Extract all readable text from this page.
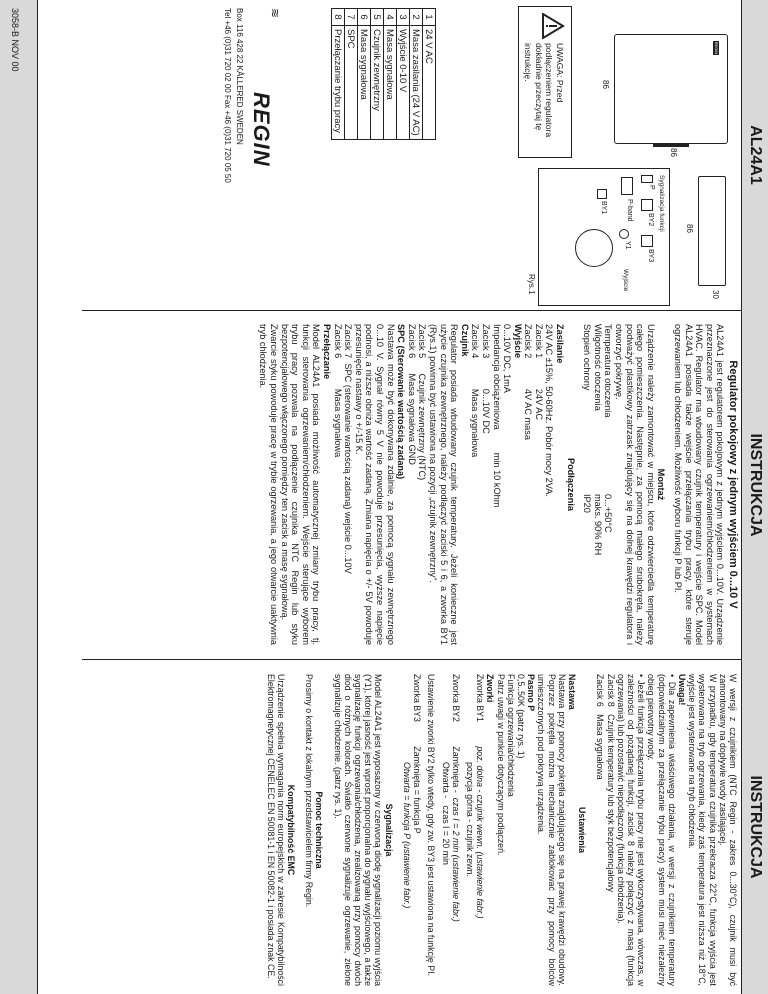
AL24A1
INSTRUKCJA
INSTRUKCJA
REGIN
86
86
86
30
Sygnalizacja funkcji
P
BY2
BY3
P-band
Y1
BY1
Wyjście
Rys.1
UWAGA: Przed podłączeniem regulatora dokładnie przeczytaj tę instrukcję.
1	24 V AC
2	Masa zasilania (24 V AC)
3	Wyjście 0-10 V
4	Masa sygnałowa
5	Czujnik zewnętrzny
6	Masa sygnałowa
7	SPC
8	Przełączanie trybu pracy
REGIN
≋
Box 116 428 22 KÅLLERED SWEDEN
Tel +46 (0)31 720 02 00 Fax +46 (0)31 720 05 50
3058-B NOV 00

Regulator pokojowy z jednym wyjściem 0...10 V

AL24A1 jest regulatorem pokojowym z jednym wyjściem 0...10V. Urządzenie przeznaczone jest do sterowania ogrzewaniem/chłodzeniem w systemach HVAC. Regulator ma wbudowany czujnik temperatury i wejście SPC. Model AL24A1 posiada także wejście przełączania trybu pracy, które steruje ogrzewaniem lub chłodzeniem. Możliwość wyboru funkcji P lub PI.

Montaż

Urządzenie należy zamontować w miejscu, które odzwierciedla temperaturę całego pomieszczenia. Następnie, za pomocą małego śrubokręta, należy podważyć plastikowy zatrzask znajdujący się na dolnej krawędzi regulatora i otworzyć pokrywę.

Temperatura otoczenia
0...+50°C

Wilgotność otoczenia
maks. 90% RH

Stopień ochrony
IP20

Podłączenia

Zasilanie

24V AC ±15%, 50-60Hz. Pobór mocy 2VA.

Zacisk 1            24V AC

Zacisk 2            4V AC masa

Wyjście

0...10V DC, 1mA

Impedancja obciążeniowa         min 10 kOhm

Zacisk 3            0...10V DC

Zacisk 4            Masa sygnałowa

Czujnik

Regulator posiada wbudowany czujnik temperatury. Jeżeli konieczne jest użycie czujnika zewnętrznego, należy podłączyć zaciski 5 i 6, a zworka BY1 (Rys.1) powinna być ustawiona na pozycji „czujnik zewnętrzny”.

Zacisk 5      Czujnik zewnętrzny (NTC)

Zacisk 6      Masa sygnałowa GND

SPC (Sterowanie wartością zadaną)

Nastawa może być dokonywana zdalnie, za pomocą sygnału zewnętrznego 0...10 V. Sygnał równy 5 V nie powoduje przesunięcia, wyższe napięcie podnosi, a niższe obniża wartość zadaną. Zmiana napięcia o +/- 5V powoduje przesunięcie nastawy o +/-15 K.

Zacisk 7  SPC (sterowanie wartością zadaną) wejście 0...10V

Zacisk 6            Masa sygnałowa

Przełączanie

Model AL24A1 posiada możliwość automatycznej zmiany trybu pracy, tj. funkcji sterowania ogrzewaniem/chłodzeniem. Wejście sterujące wyborem trybu pracy pozwala na podłączenie czujnika NTC Regin lub styku bezpotencjałowego włączonego pomiędzy ten zacisk a masę sygnałową.

Zwarcie styku powoduje pracę w trybie ogrzewania, a jego otwarcie uaktywnia tryb chłodzenia.

W wersji z czujnikiem (NTC Regin - zakres 0...30°C), czujnik musi być zamontowany na dopływie wody zasilającej.

W przypadku, gdy temperatura czujnika przekracza 22°C, funkcja wyjścia jest wysterowana na tryb ogrzewania, kiedy zaś temperatura jest niższa niż 18°C, wyjście jest wysterowane na tryb chłodzenia.

Uwaga!

• Dla zapewnienia właściwego działania, w wersji z czujnikiem temperatury (odpowiedzialnym za przełączanie trybu pracy) system musi mieć niezależny obieg pierwotny wody.

• Jeżeli funkcja przełączania trybu pracy nie jest wykorzystywana, wówczas, w zależności od pożądanej funkcji, zacisk 8 należy połączyć z masą (funkcja ogrzewania) lub pozostawić niepodłączony (funkcja chłodzenia).

Zacisk 8   Czujnik temperatury lub styk bezpotencjałowy

Zacisk 6   Masa sygnałowa

Ustawienia

Nastawa

Nastawa przy pomocy pokrętła znajdującego się na prawej krawędzi obudowy. Poprzez pokrętła można mechanicznie zablokować przy pomocy bolców umieszczonych pod pokrywą urządzenia.

Pasmo P

0,5..50K (patrz rys. 1)

Funkcja ogrzewania/chłodzenia

Patrz uwagi w punkcie dotyczącym podłączeń.

Zworki

Zworka BY1          poz. dolna - czujnik wewn. (ustawienie fabr.)

pozycja górna - czujnik zewn.

Zworka BY2          Zamknięta -  czas I = 2 min (ustawienie fabr.)

Otwarta -   czas I = 20 min

Ustawienie zworki BY2 tylko wtedy, gdy zw. BY3 jest ustawiona na funkcję PI.

Zworka BY3          Zamknięta = funkcja P

Otwarta = funkcja P (ustawienie fabr.)

Sygnalizacja

Model AL24A1 jest wyposażony w czerwoną diodę sygnalizacji poziomu wyjścia (Y1), której jasność jest wprost proporcjonalna do sygnału wyjściowego, a także sygnalizację funkcji ogrzewania/chłodzenia, zrealizowaną przy pomocy dwóch diod o różnych kolorach. Światło czerwone sygnalizuje ogrzewanie, zielone sygnalizuje chłodzenie. (patrz rys. 1).

Pomoc techniczna

Prosimy o kontakt z lokalnym przedstawicielem firmy Regin.

Kompatybilność EMC

Urządzenie spełnia wymagania norm europejskich w zakresie Kompatybilności Elektromagnetycznej CENELEC EN 50081-1 i EN 50082-1 i posiada znak CE.
